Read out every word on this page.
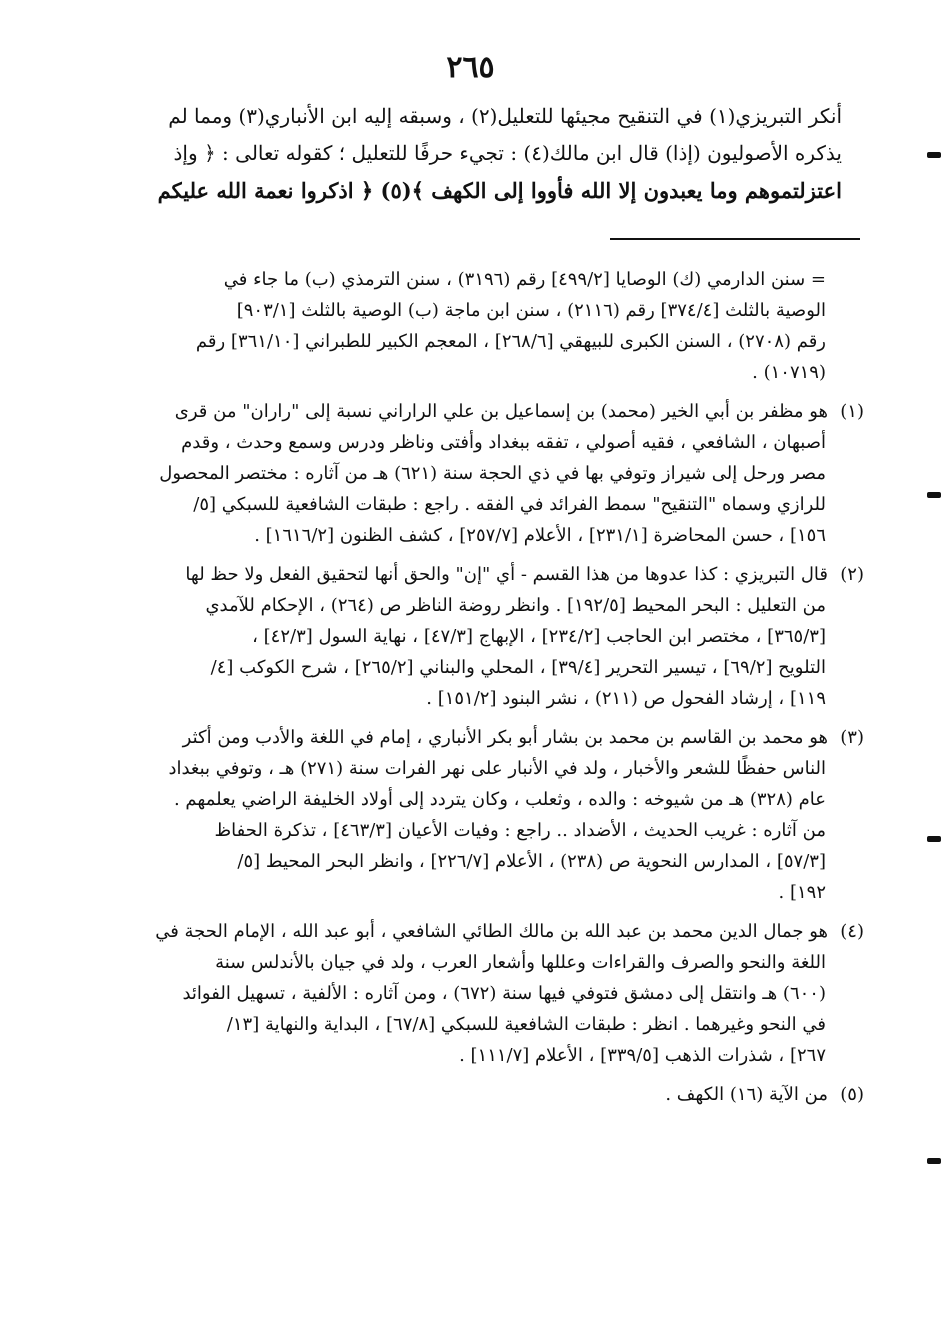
٢٦٥
أنكر التبريزي(١) في التنقيح مجيئها للتعليل(٢) ، وسبقه إليه ابن الأنباري(٣) ومما لم
يذكره الأصوليون (إذا) قال ابن مالك(٤) : تجيء حرفًا للتعليل ؛ كقوله تعالى : ﴿ وإذ
اعتزلتموهم وما يعبدون إلا الله فأووا إلى الكهف ﴾(٥) ﴿ اذكروا نعمة الله عليكم
= سنن الدارمي (ك) الوصايا [٤٩٩/٢] رقم (٣١٩٦) ، سنن الترمذي (ب) ما جاء في
الوصية بالثلث [٣٧٤/٤] رقم (٢١١٦) ، سنن ابن ماجة (ب) الوصية بالثلث [٩٠٣/١]
رقم (٢٧٠٨) ، السنن الكبرى للبيهقي [٢٦٨/٦] ، المعجم الكبير للطبراني [٣٦١/١٠] رقم
(١٠٧١٩) .
(١)هو مظفر بن أبي الخير (محمد) بن إسماعيل بن علي الراراني نسبة إلى "راران" من قرى
أصبهان ، الشافعي ، فقيه أصولي ، تفقه ببغداد وأفتى وناظر ودرس وسمع وحدث ، وقدم
مصر ورحل إلى شيراز وتوفي بها في ذي الحجة سنة (٦٢١) هـ من آثاره : مختصر المحصول
للرازي وسماه "التنقيح" سمط الفرائد في الفقه . راجع : طبقات الشافعية للسبكي [٥/
١٥٦] ، حسن المحاضرة [٢٣١/١] ، الأعلام [٢٥٧/٧] ، كشف الظنون [١٦١٦/٢] .
(٢)قال التبريزي : كذا عدوها من هذا القسم - أي "إن" والحق أنها لتحقيق الفعل ولا حظ لها
من التعليل : البحر المحيط [١٩٢/٥] . وانظر روضة الناظر ص (٢٦٤) ، الإحكام للآمدي
[٣٦٥/٣] ، مختصر ابن الحاجب [٢٣٤/٢] ، الإبهاج [٤٧/٣] ، نهاية السول [٤٢/٣] ،
التلويح [٦٩/٢] ، تيسير التحرير [٣٩/٤] ، المحلي والبناني [٢٦٥/٢] ، شرح الكوكب [٤/
١١٩] ، إرشاد الفحول ص (٢١١) ، نشر البنود [١٥١/٢] .
(٣)هو محمد بن القاسم بن محمد بن بشار أبو بكر الأنباري ، إمام في اللغة والأدب ومن أكثر
الناس حفظًا للشعر والأخبار ، ولد في الأنبار على نهر الفرات سنة (٢٧١) هـ ، وتوفي ببغداد
عام (٣٢٨) هـ من شيوخه : والده ، وثعلب ، وكان يتردد إلى أولاد الخليفة الراضي يعلمهم .
من آثاره : غريب الحديث ، الأضداد .. راجع : وفيات الأعيان [٤٦٣/٣] ، تذكرة الحفاظ
[٥٧/٣] ، المدارس النحوية ص (٢٣٨) ، الأعلام [٢٢٦/٧] ، وانظر البحر المحيط [٥/
١٩٢] .
(٤)هو جمال الدين محمد بن عبد الله بن مالك الطائي الشافعي ، أبو عبد الله ، الإمام الحجة في
اللغة والنحو والصرف والقراءات وعللها وأشعار العرب ، ولد في جيان بالأندلس سنة
(٦٠٠) هـ وانتقل إلى دمشق فتوفي فيها سنة (٦٧٢) ، ومن آثاره : الألفية ، تسهيل الفوائد
في النحو وغيرهما . انظر : طبقات الشافعية للسبكي [٦٧/٨] ، البداية والنهاية [١٣/
٢٦٧] ، شذرات الذهب [٣٣٩/٥] ، الأعلام [١١١/٧] .
(٥)من الآية (١٦) الكهف .
